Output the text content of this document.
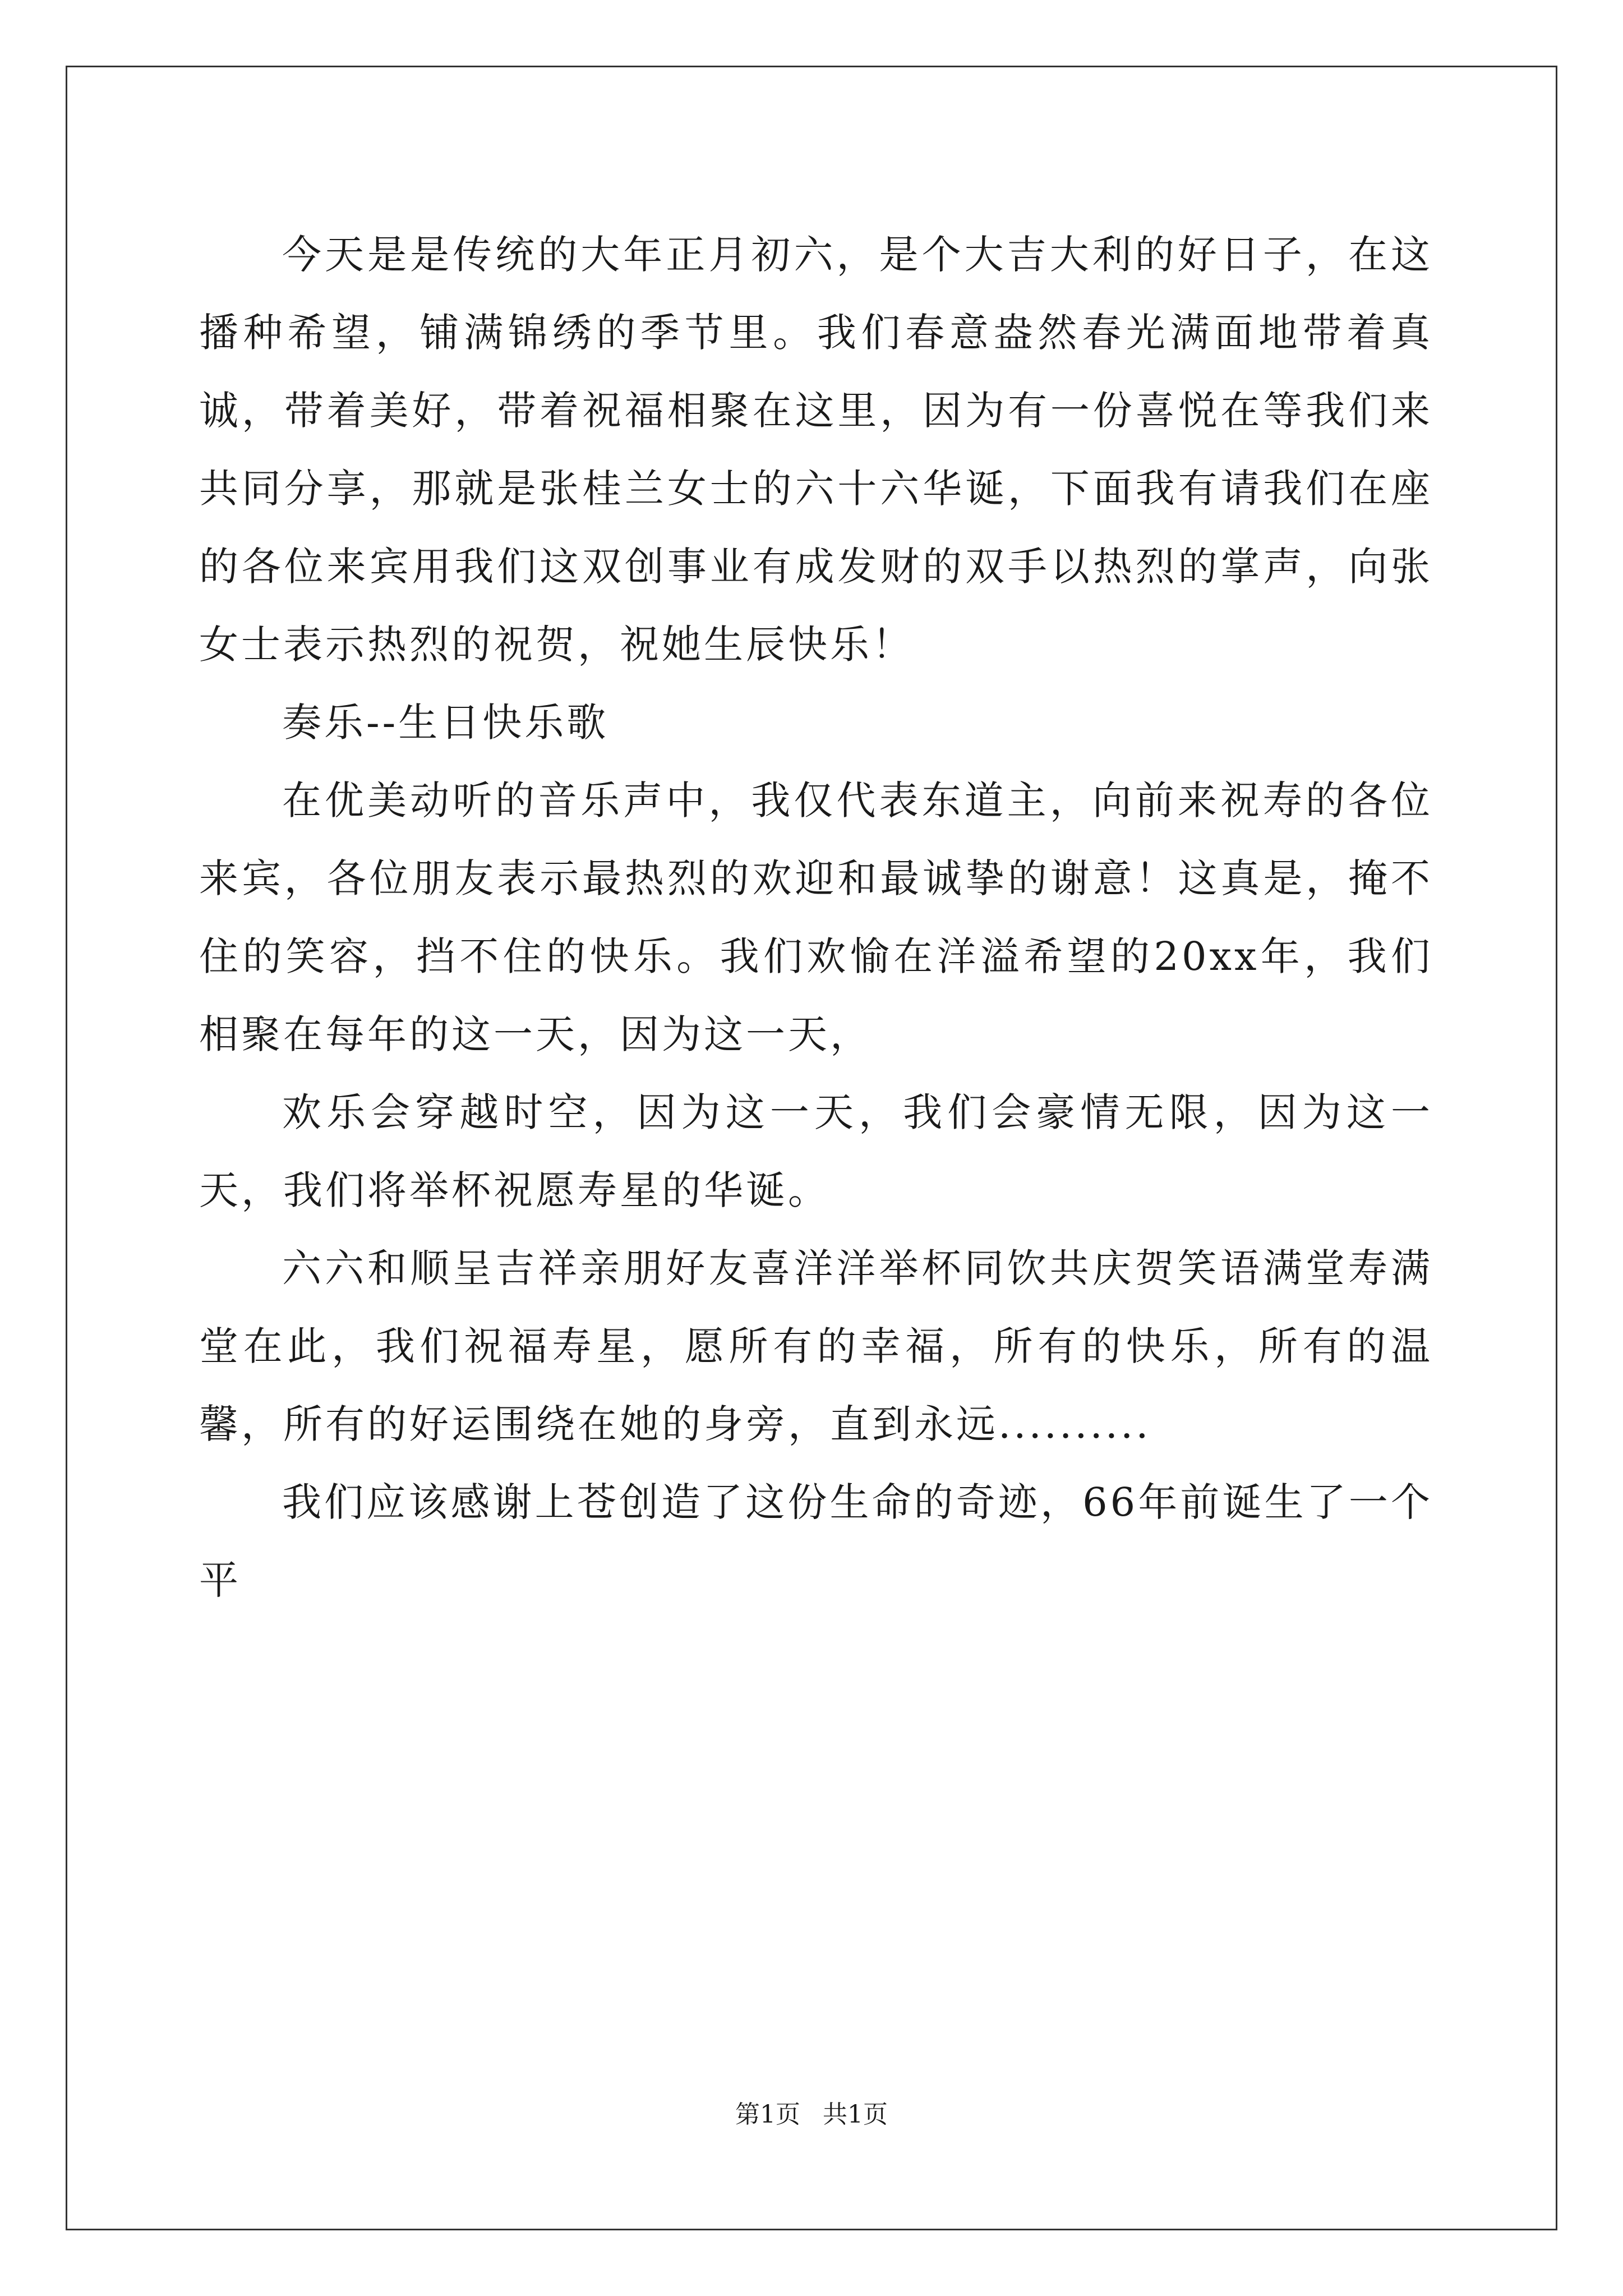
今天是是传统的大年正月初六，是个大吉大利的好日子，在这播种希望，铺满锦绣的季节里。我们春意盎然春光满面地带着真诚，带着美好，带着祝福相聚在这里，因为有一份喜悦在等我们来共同分享，那就是张桂兰女士的六十六华诞，下面我有请我们在座的各位来宾用我们这双创事业有成发财的双手以热烈的掌声，向张女士表示热烈的祝贺，祝她生辰快乐！

奏乐--生日快乐歌

在优美动听的音乐声中，我仅代表东道主，向前来祝寿的各位来宾，各位朋友表示最热烈的欢迎和最诚挚的谢意！这真是，掩不住的笑容，挡不住的快乐。我们欢愉在洋溢希望的20xx年，我们相聚在每年的这一天，因为这一天，

欢乐会穿越时空，因为这一天，我们会豪情无限，因为这一天，我们将举杯祝愿寿星的华诞。

六六和顺呈吉祥亲朋好友喜洋洋举杯同饮共庆贺笑语满堂寿满堂在此，我们祝福寿星，愿所有的幸福，所有的快乐，所有的温馨，所有的好运围绕在她的身旁，直到永远..........

我们应该感谢上苍创造了这份生命的奇迹，66年前诞生了一个平

第1页 共1页
